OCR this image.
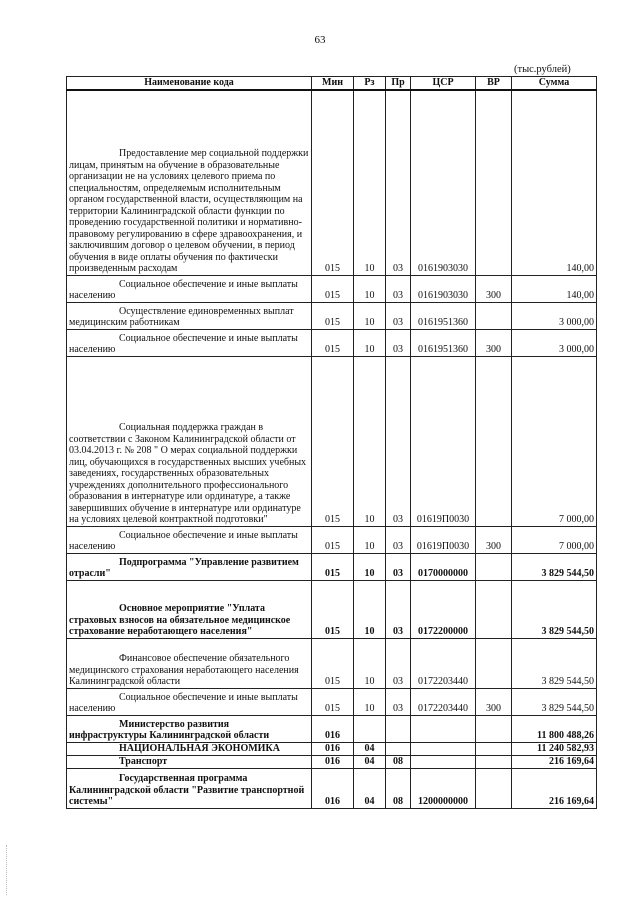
63
(тыс.рублей)
Наименование кода	Мин	Рз	Пр	ЦСР	ВР	Сумма
Предоставление мер социальной поддержки лицам, принятым на обучение в образовательные организации не на условиях целевого приема по специальностям, определяемым исполнительным органом государственной власти, осуществляющим на территории Калининградской области функции по проведению государственной политики и нормативно-правовому регулированию в сфере здравоохранения, и заключившим договор о целевом обучении, в период обучения в виде оплаты обучения по фактически произведенным расходам	015	10	03	0161903030		140,00
Социальное обеспечение и иные выплаты населению	015	10	03	0161903030	300	140,00
Осуществление единовременных выплат медицинским работникам	015	10	03	0161951360		3 000,00
Социальное обеспечение и иные выплаты населению	015	10	03	0161951360	300	3 000,00
Социальная поддержка граждан в соответствии с Законом Калининградской области от 03.04.2013 г. № 208 " О мерах социальной поддержки лиц, обучающихся в государственных высших учебных заведениях, государственных образовательных учреждениях дополнительного профессионального образования в интернатуре или ординатуре, а также завершивших обучение в интернатуре или ординатуре на условиях целевой контрактной подготовки"	015	10	03	01619П0030		7 000,00
Социальное обеспечение и иные выплаты населению	015	10	03	01619П0030	300	7 000,00
Подпрограмма "Управление развитием отрасли"	015	10	03	0170000000		3 829 544,50
Основное мероприятие "Уплата страховых взносов на обязательное медицинское страхование неработающего населения"	015	10	03	0172200000		3 829 544,50
Финансовое обеспечение обязательного медицинского страхования неработающего населения Калининградской области	015	10	03	0172203440		3 829 544,50
Социальное обеспечение и иные выплаты населению	015	10	03	0172203440	300	3 829 544,50
Министерство развития инфраструктуры Калининградской области	016					11 800 488,26
НАЦИОНАЛЬНАЯ ЭКОНОМИКА	016	04				11 240 582,93
Транспорт	016	04	08			216 169,64
Государственная программа Калининградской области "Развитие транспортной системы"	016	04	08	1200000000		216 169,64
